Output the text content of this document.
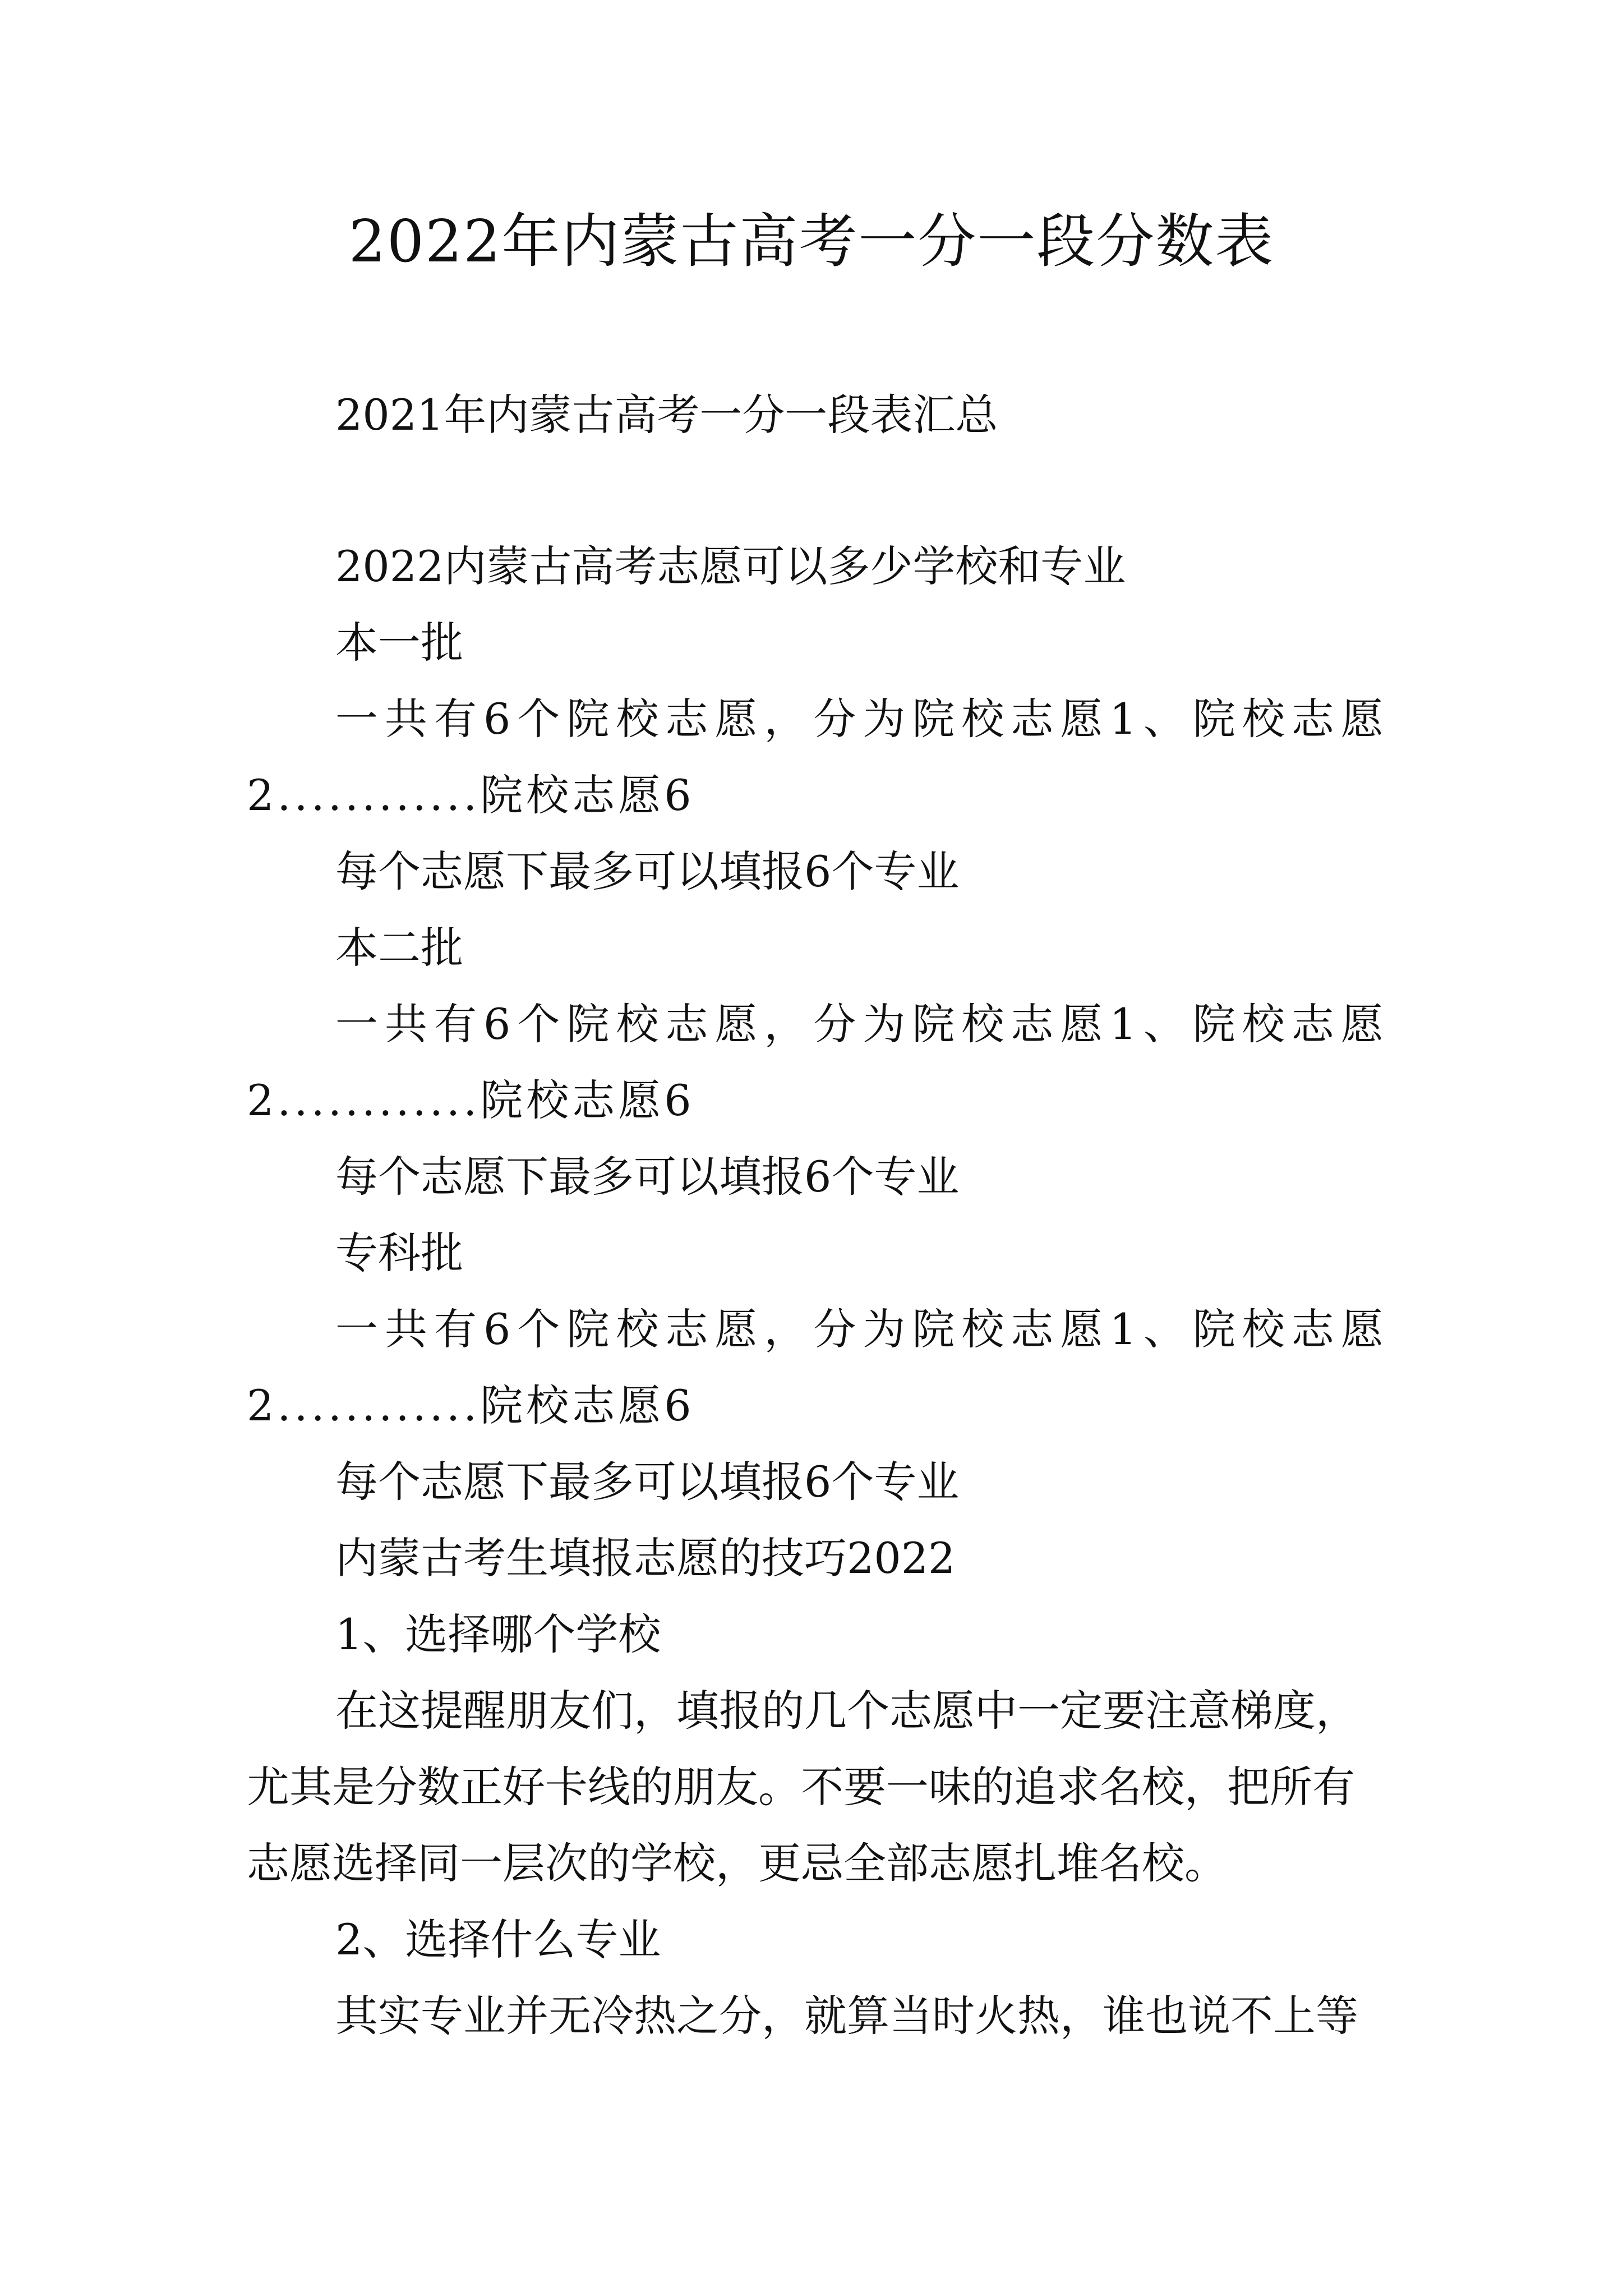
2022年内蒙古高考一分一段分数表
2021年内蒙古高考一分一段表汇总
2022内蒙古高考志愿可以多少学校和专业
本一批
一共有6个院校志愿，分为院校志愿1、院校志愿
2............院校志愿6
每个志愿下最多可以填报6个专业
本二批
一共有6个院校志愿，分为院校志愿1、院校志愿
2............院校志愿6
每个志愿下最多可以填报6个专业
专科批
一共有6个院校志愿，分为院校志愿1、院校志愿
2............院校志愿6
每个志愿下最多可以填报6个专业
内蒙古考生填报志愿的技巧2022
1、选择哪个学校
在这提醒朋友们，填报的几个志愿中一定要注意梯度，
尤其是分数正好卡线的朋友。不要一味的追求名校，把所有
志愿选择同一层次的学校，更忌全部志愿扎堆名校。
2、选择什么专业
其实专业并无冷热之分，就算当时火热，谁也说不上等
